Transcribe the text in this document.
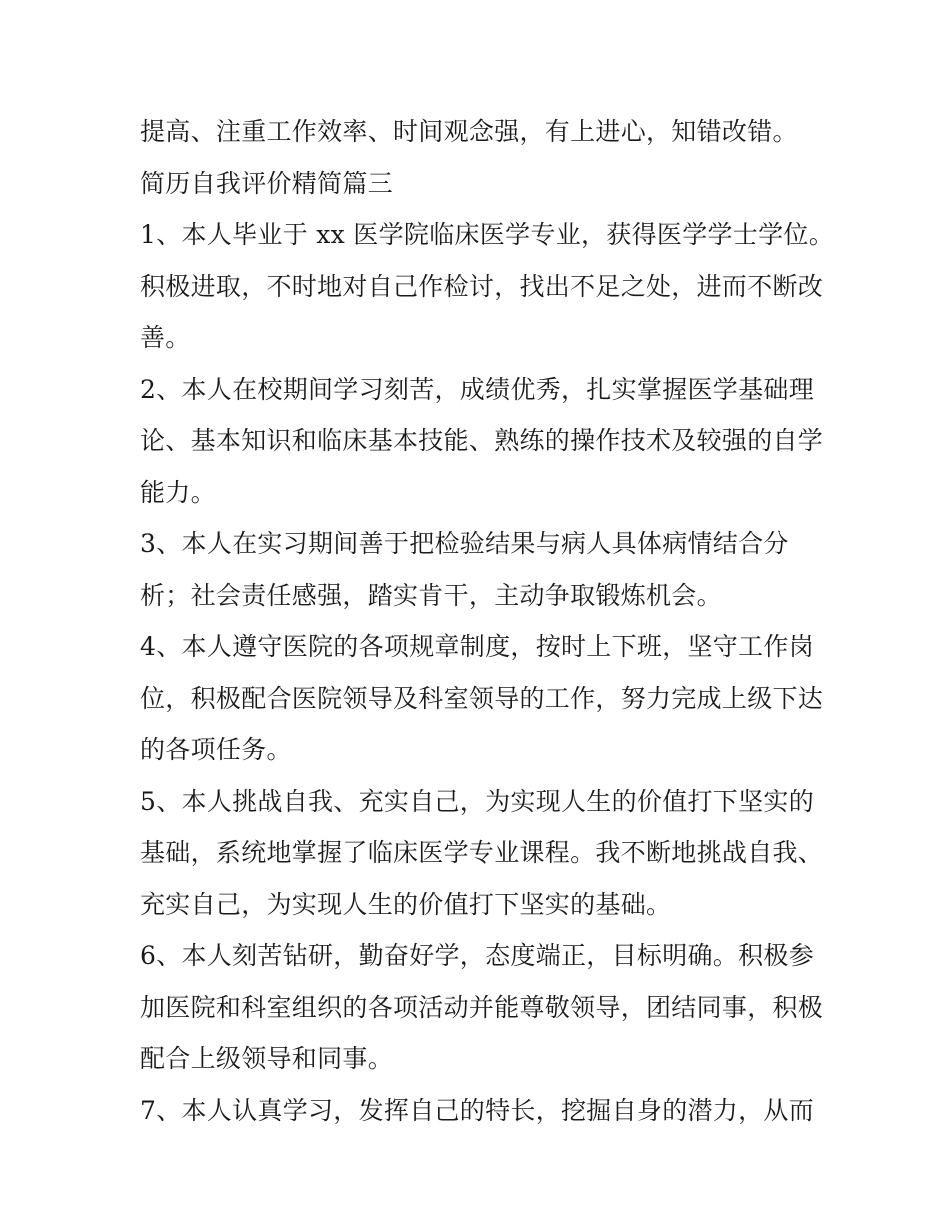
提高、注重工作效率、时间观念强，有上进心，知错改错。
简历自我评价精简篇三
1、本人毕业于 xx 医学院临床医学专业，获得医学学士学位。
积极进取，不时地对自己作检讨，找出不足之处，进而不断改
善。
2、本人在校期间学习刻苦，成绩优秀，扎实掌握医学基础理
论、基本知识和临床基本技能、熟练的操作技术及较强的自学
能力。
3、本人在实习期间善于把检验结果与病人具体病情结合分
析；社会责任感强，踏实肯干，主动争取锻炼机会。
4、本人遵守医院的各项规章制度，按时上下班，坚守工作岗
位，积极配合医院领导及科室领导的工作，努力完成上级下达
的各项任务。
5、本人挑战自我、充实自己，为实现人生的价值打下坚实的
基础，系统地掌握了临床医学专业课程。我不断地挑战自我、
充实自己，为实现人生的价值打下坚实的基础。
6、本人刻苦钻研，勤奋好学，态度端正，目标明确。积极参
加医院和科室组织的各项活动并能尊敬领导，团结同事，积极
配合上级领导和同事。
7、本人认真学习，发挥自己的特长，挖掘自身的潜力，从而
